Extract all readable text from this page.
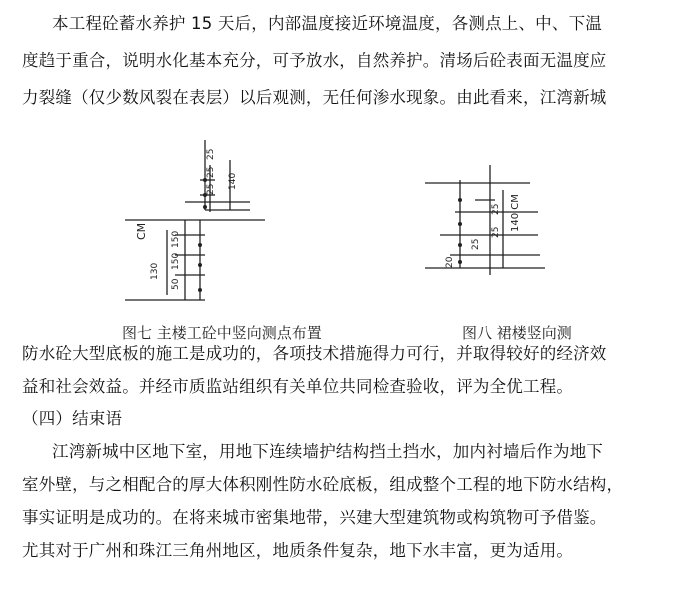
本工程砼蓄水养护 15 天后，内部温度接近环境温度，各测点上、中、下温
度趋于重合，说明水化基本充分，可予放水，自然养护。清场后砼表面无温度应
力裂缝（仅少数风裂在表层）以后观测，无任何渗水现象。由此看来，江湾新城
25
25
25 140
150
150
50
130
CM
图七 主楼工砼中竖向测点布置
25
25
25
20
140 CM
图八 裙楼竖向测
防水砼大型底板的施工是成功的，各项技术措施得力可行，并取得较好的经济效
益和社会效益。并经市质监站组织有关单位共同检查验收，评为全优工程。
（四）结束语
江湾新城中区地下室，用地下连续墙护结构挡土挡水，加内衬墙后作为地下
室外壁，与之相配合的厚大体积刚性防水砼底板，组成整个工程的地下防水结构，
事实证明是成功的。在将来城市密集地带，兴建大型建筑物或构筑物可予借鉴。
尤其对于广州和珠江三角州地区，地质条件复杂，地下水丰富，更为适用。
